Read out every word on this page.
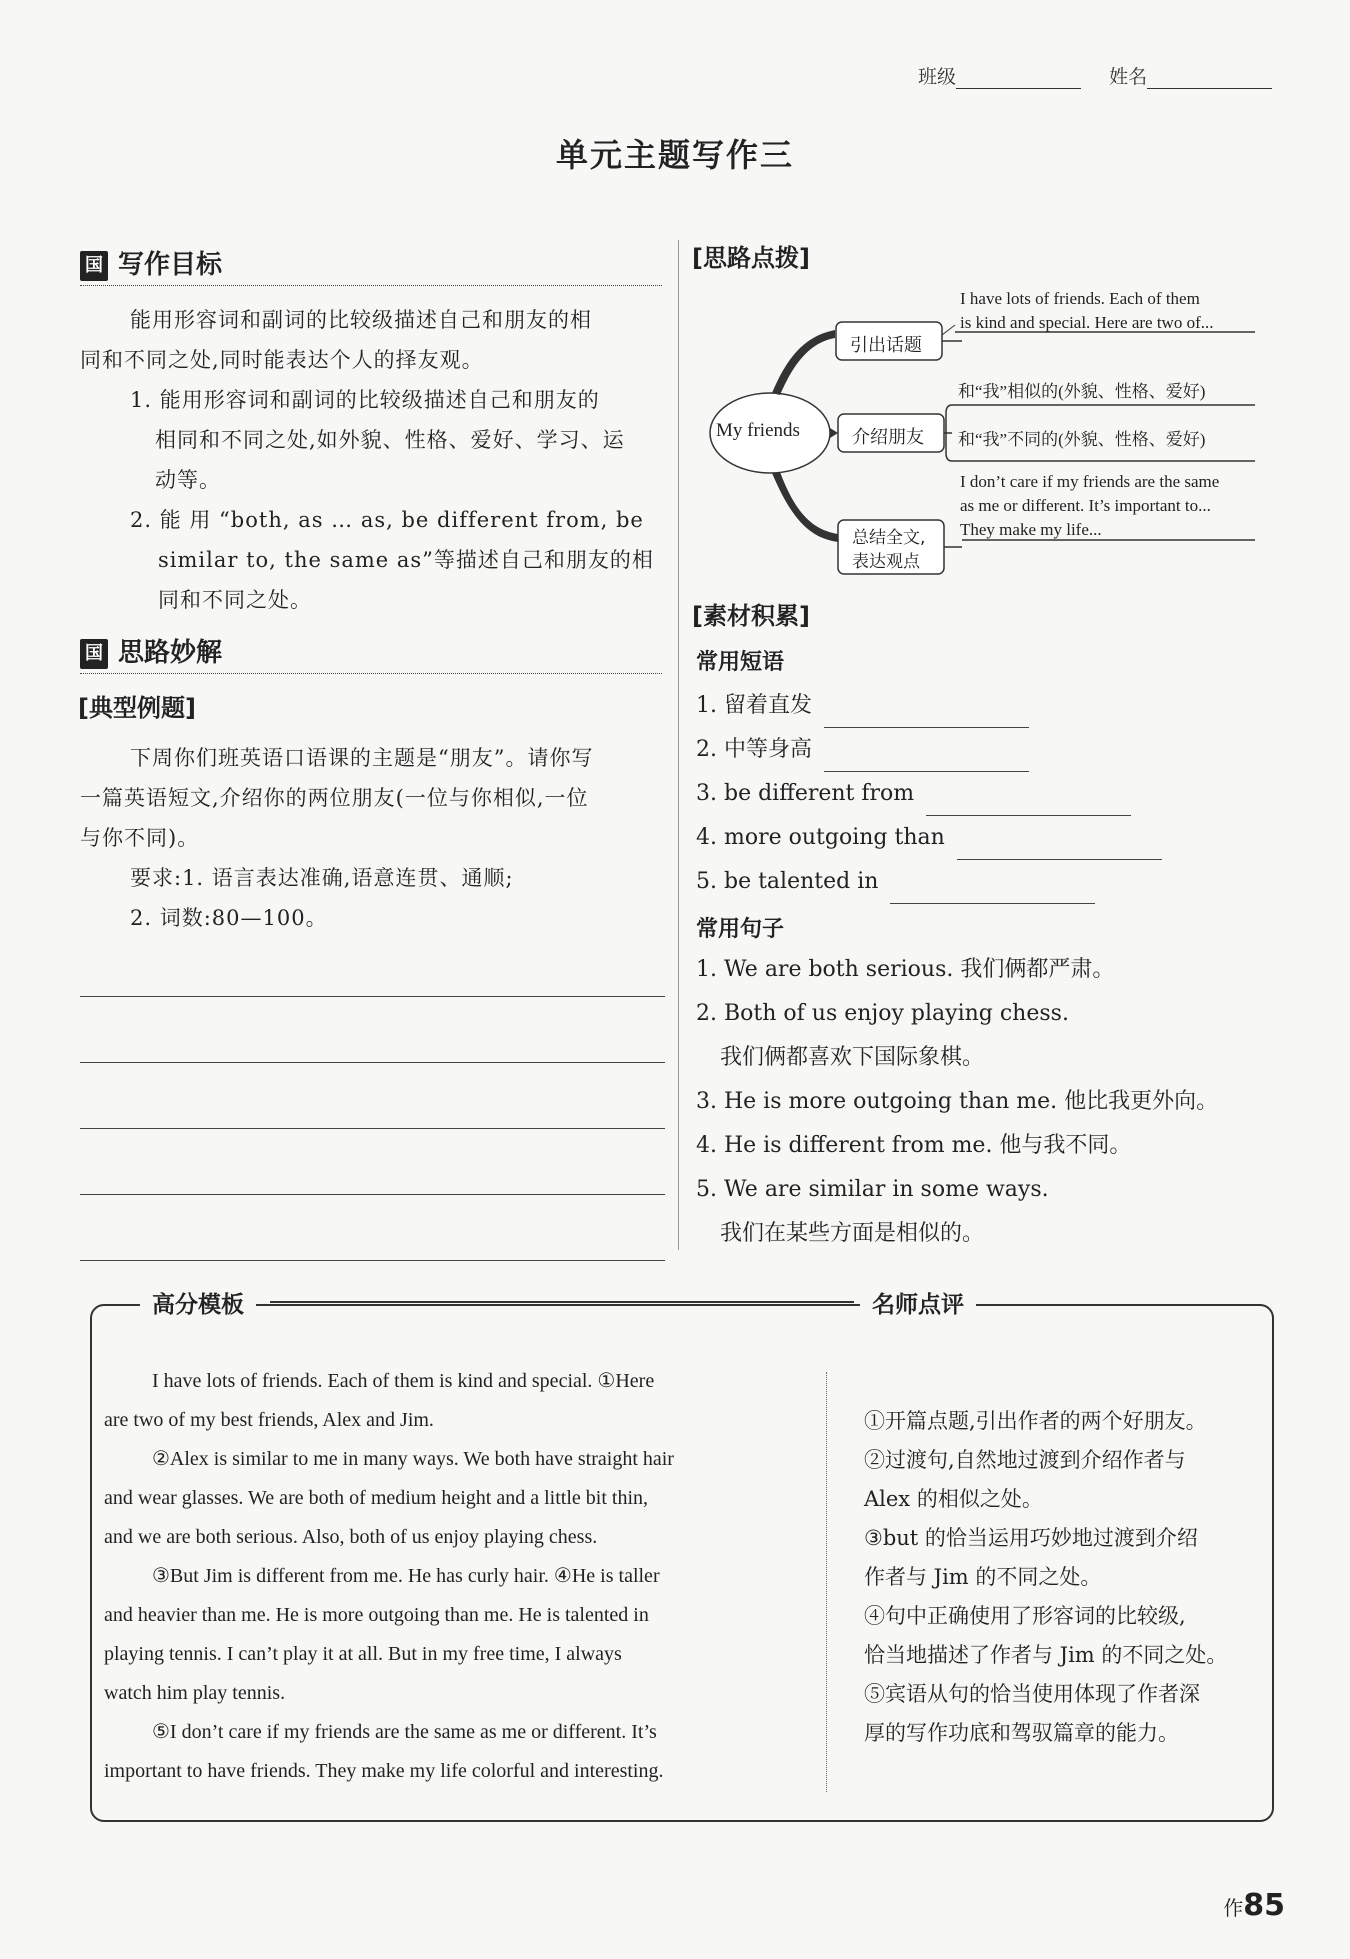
班级	姓名
单元主题写作三
国 写作目标
能用形容词和副词的比较级描述自己和朋友的相
同和不同之处,同时能表达个人的择友观。
1. 能用形容词和副词的比较级描述自己和朋友的
相同和不同之处,如外貌、性格、爱好、学习、运
动等。
2. 能 用 “both, as … as, be different from, be
similar to, the same as”等描述自己和朋友的相
同和不同之处。
国 思路妙解
[典型例题]
下周你们班英语口语课的主题是“朋友”。请你写
一篇英语短文,介绍你的两位朋友(一位与你相似,一位
与你不同)。
要求:1. 语言表达准确,语意连贯、通顺;
2. 词数:80—100。
[思路点拨]
引出话题
介绍朋友
总结全文,
表达观点
My friends
I have lots of friends. Each of them
is kind and special. Here are two of...
和“我”相似的(外貌、性格、爱好)
和“我”不同的(外貌、性格、爱好)
I don’t care if my friends are the same
as me or different. It’s important to...
They make my life...
[素材积累]
常用短语
1. 留着直发
2. 中等身高
3. be different from
4. more outgoing than
5. be talented in
常用句子
1. We are both serious. 我们俩都严肃。
2. Both of us enjoy playing chess.
我们俩都喜欢下国际象棋。
3. He is more outgoing than me. 他比我更外向。
4. He is different from me. 他与我不同。
5. We are similar in some ways.
我们在某些方面是相似的。
高分模板	名师点评
I have lots of friends. Each of them is kind and special. ①Here
are two of my best friends, Alex and Jim.
②Alex is similar to me in many ways. We both have straight hair
and wear glasses. We are both of medium height and a little bit thin,
and we are both serious. Also, both of us enjoy playing chess.
③But Jim is different from me. He has curly hair. ④He is taller
and heavier than me. He is more outgoing than me. He is talented in
playing tennis. I can’t play it at all. But in my free time, I always
watch him play tennis.
⑤I don’t care if my friends are the same as me or different. It’s
important to have friends. They make my life colorful and interesting.
①开篇点题,引出作者的两个好朋友。
②过渡句,自然地过渡到介绍作者与
Alex 的相似之处。
③but 的恰当运用巧妙地过渡到介绍
作者与 Jim 的不同之处。
④句中正确使用了形容词的比较级,
恰当地描述了作者与 Jim 的不同之处。
⑤宾语从句的恰当使用体现了作者深
厚的写作功底和驾驭篇章的能力。
作85
